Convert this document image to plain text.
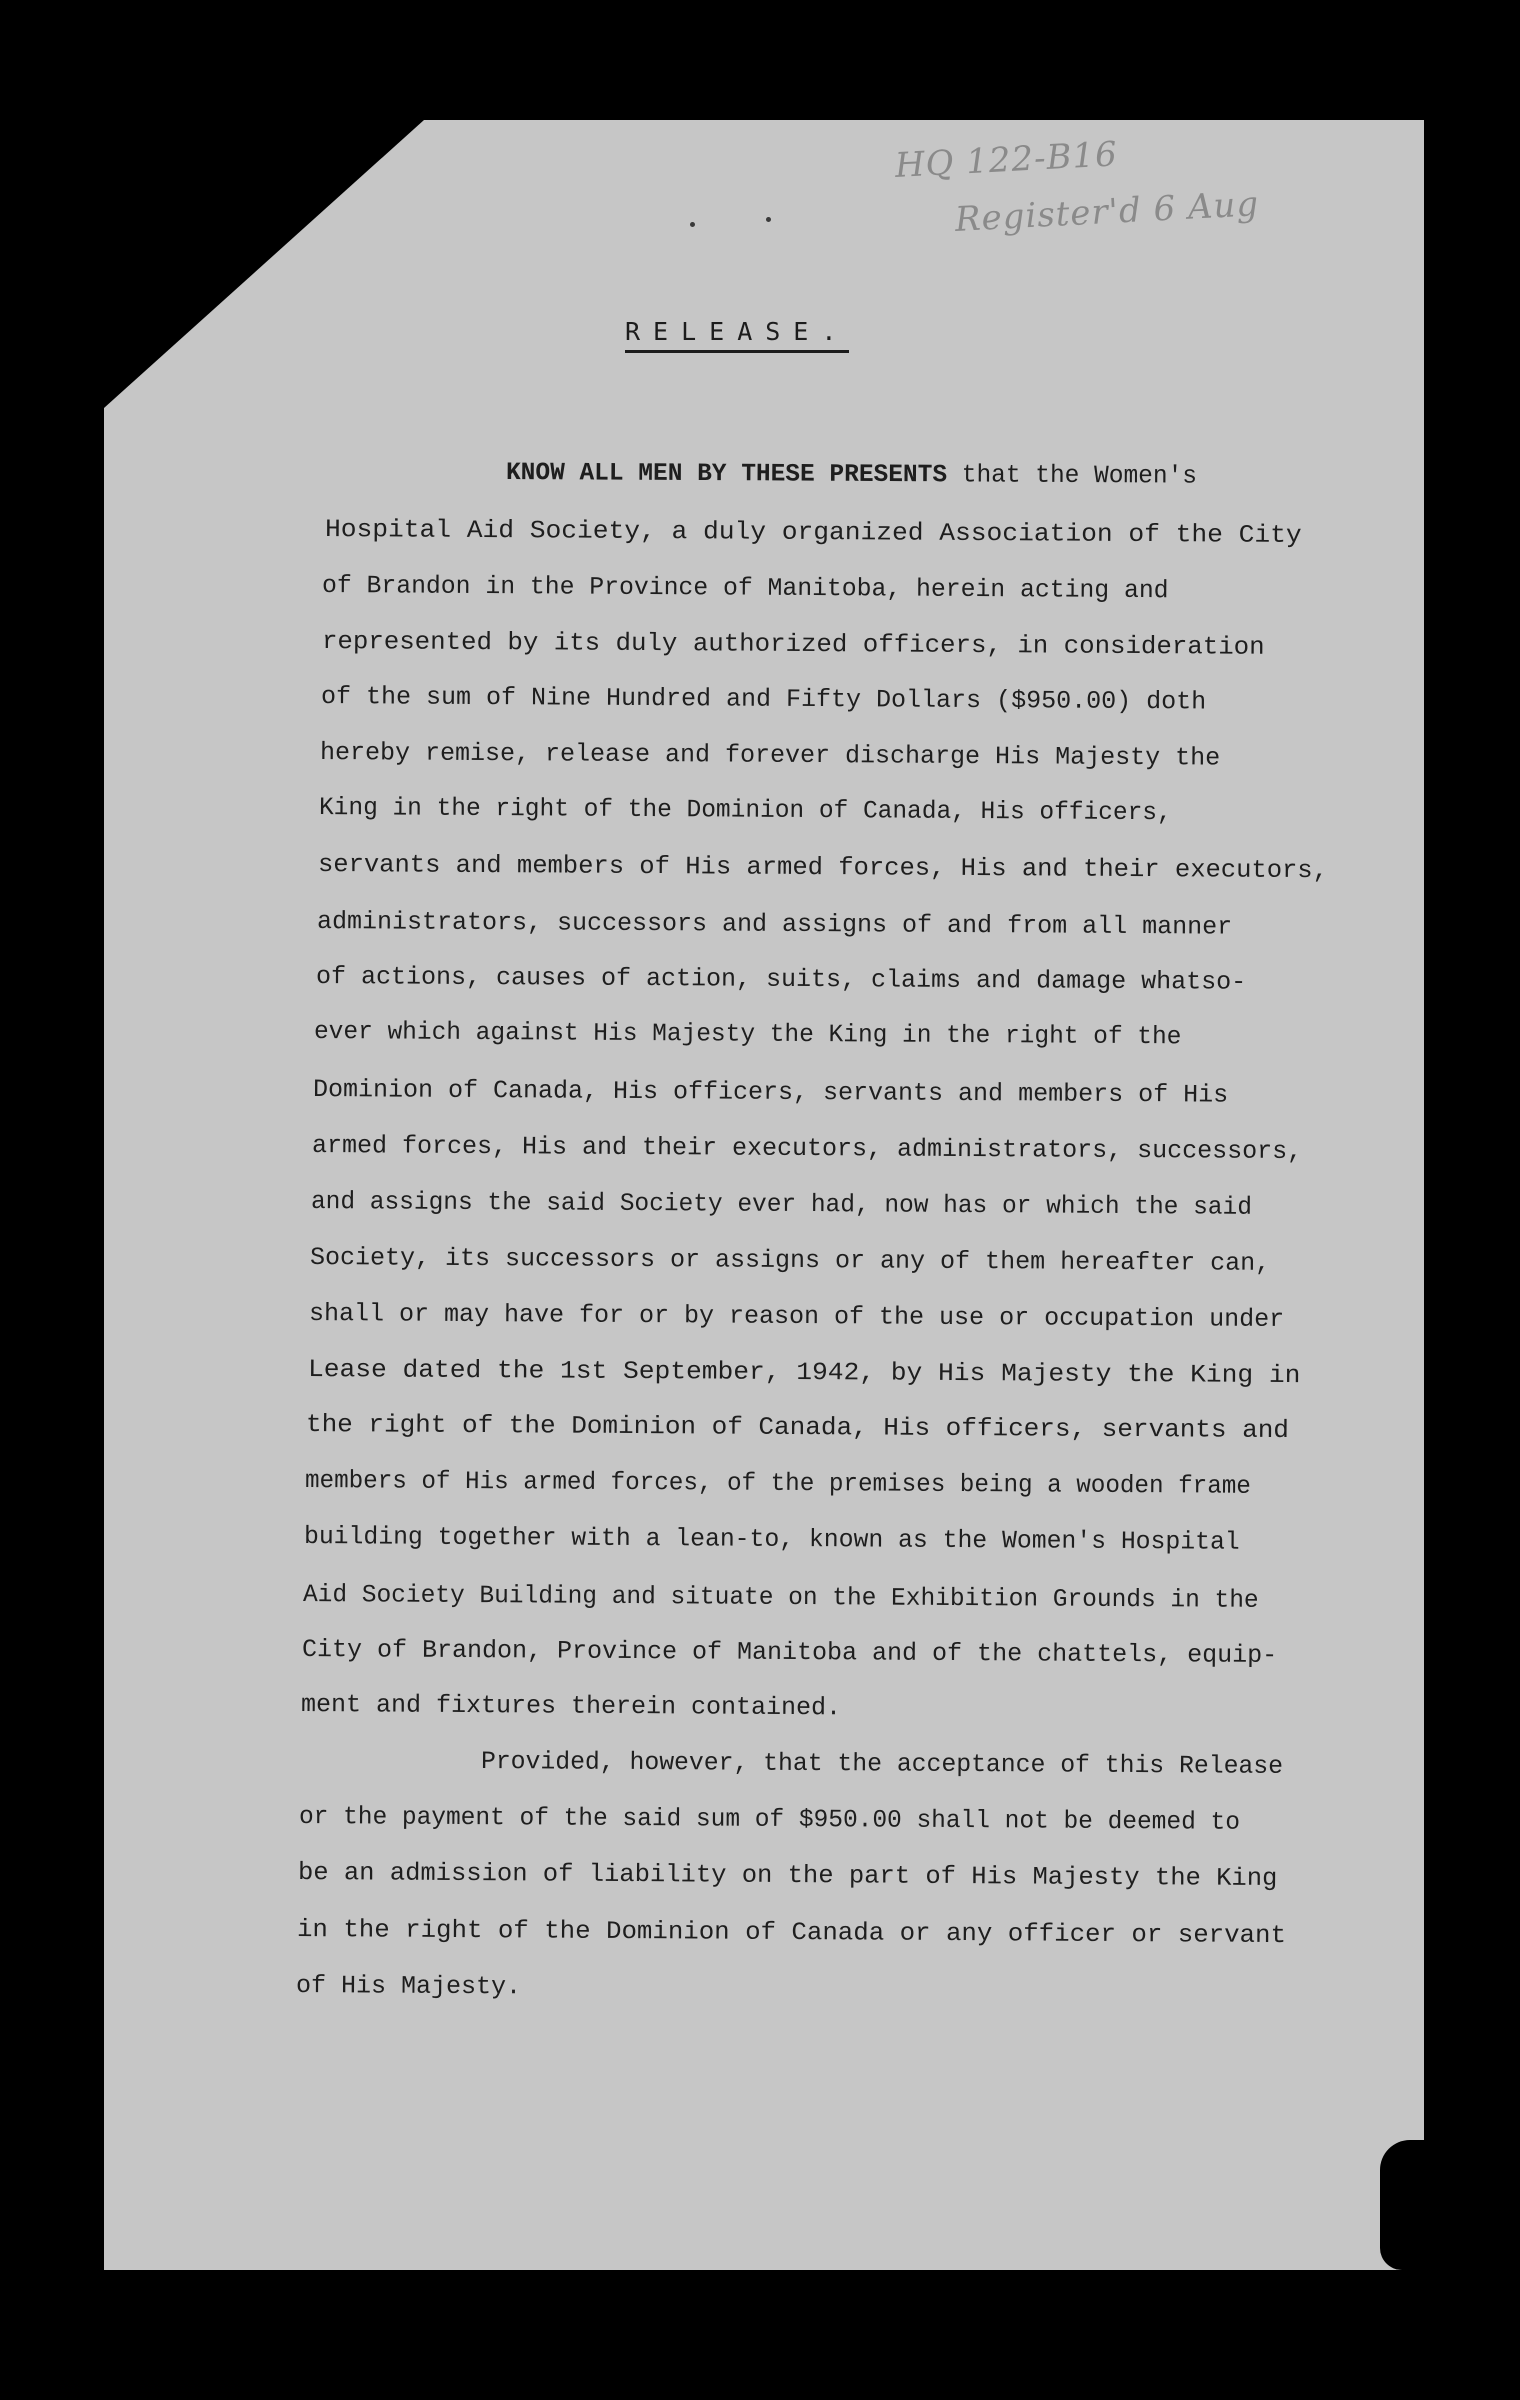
HQ 122-B16
Register'd 6 Aug
RELEASE.
KNOW ALL MEN BY THESE PRESENTS that the Women's
Hospital Aid Society, a duly organized Association of the City
of Brandon in the Province of Manitoba, herein acting and
represented by its duly authorized officers, in consideration
of the sum of Nine Hundred and Fifty Dollars ($950.00) doth
hereby remise, release and forever discharge His Majesty the
King in the right of the Dominion of Canada, His officers,
servants and members of His armed forces, His and their executors,
administrators, successors and assigns of and from all manner
of actions, causes of action, suits, claims and damage whatso-
ever which against His Majesty the King in the right of the
Dominion of Canada, His officers, servants and members of His
armed forces, His and their executors, administrators, successors,
and assigns the said Society ever had, now has or which the said
Society, its successors or assigns or any of them hereafter can,
shall or may have for or by reason of the use or occupation under
Lease dated the 1st September, 1942, by His Majesty the King in
the right of the Dominion of Canada, His officers, servants and
members of His armed forces, of the premises being a wooden frame
building together with a lean-to, known as the Women's Hospital
Aid Society Building and situate on the Exhibition Grounds in the
City of Brandon, Province of Manitoba and of the chattels, equip-
ment and fixtures therein contained.
Provided, however, that the acceptance of this Release
or the payment of the said sum of $950.00 shall not be deemed to
be an admission of liability on the part of His Majesty the King
in the right of the Dominion of Canada or any officer or servant
of His Majesty.
